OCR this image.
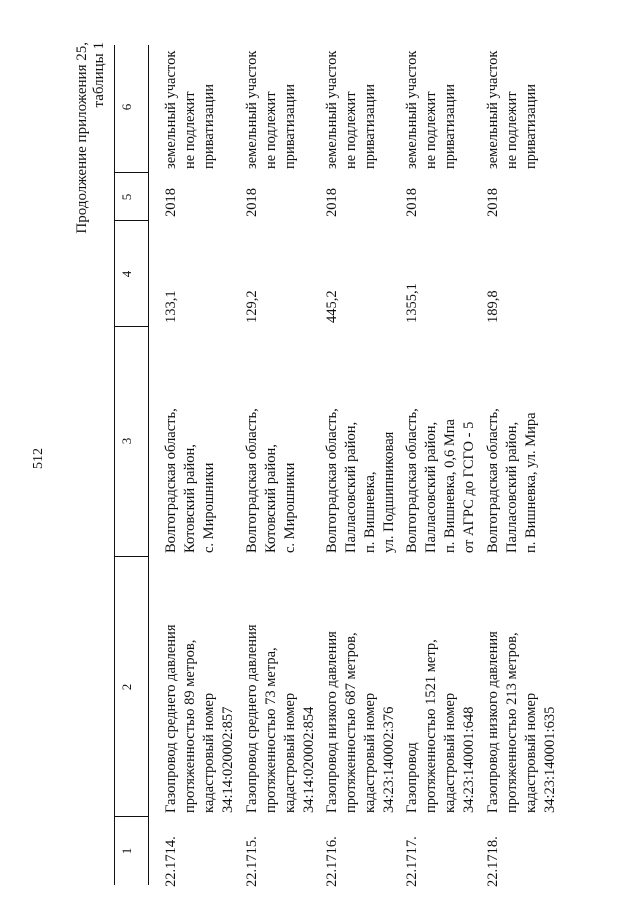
512
Продолжение приложения 25, таблицы 1
1
2
3
4
5
6
22.1714.
Газопровод среднего давления протяженностью 89 метров, кадастровый номер 34:14:020002:857
Волгоградская область, Котовский район, с. Мирошники
133,1
2018
земельный участок не подлежит приватизации
22.1715.
Газопровод среднего давления протяженностью 73 метра, кадастровый номер 34:14:020002:854
Волгоградская область, Котовский район, с. Мирошники
129,2
2018
земельный участок не подлежит приватизации
22.1716.
Газопровод низкого давления протяженностью 687 метров, кадастровый номер 34:23:140002:376
Волгоградская область, Палласовский район, п. Вишневка, ул. Подшипниковая
445,2
2018
земельный участок не подлежит приватизации
22.1717.
Газопровод протяженностью 1521 метр, кадастровый номер 34:23:140001:648
Волгоградская область, Палласовский район, п. Вишневка, 0,6 Мпа от АГРС до ГСГО - 5
1355,1
2018
земельный участок не подлежит приватизации
22.1718.
Газопровод низкого давления протяженностью 213 метров, кадастровый номер 34:23:140001:635
Волгоградская область, Палласовский район, п. Вишневка, ул. Мира
189,8
2018
земельный участок не подлежит приватизации
